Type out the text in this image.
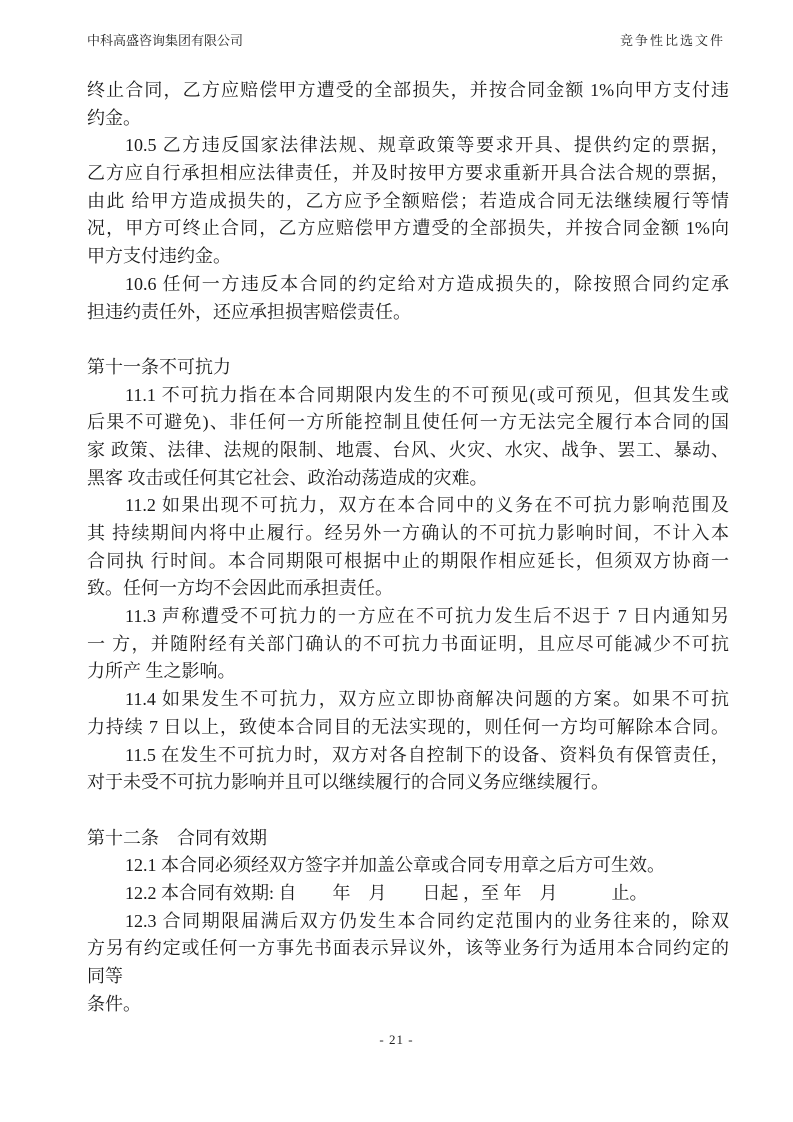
中科高盛咨询集团有限公司	竞争性比选文件
终止合同，乙方应赔偿甲方遭受的全部损失，并按合同金额 1%向甲方支付违
约金。
10.5 乙方违反国家法律法规、规章政策等要求开具、提供约定的票据，
乙方应自行承担相应法律责任，并及时按甲方要求重新开具合法合规的票据，
由此 给甲方造成损失的，乙方应予全额赔偿；若造成合同无法继续履行等情
况，甲方可终止合同，乙方应赔偿甲方遭受的全部损失，并按合同金额 1%向
甲方支付违约金。
10.6 任何一方违反本合同的约定给对方造成损失的，除按照合同约定承
担违约责任外，还应承担损害赔偿责任。
第十一条不可抗力
11.1 不可抗力指在本合同期限内发生的不可预见(或可预见，但其发生或
后果不可避免)、非任何一方所能控制且使任何一方无法完全履行本合同的国
家 政策、法律、法规的限制、地震、台风、火灾、水灾、战争、罢工、暴动、
黑客 攻击或任何其它社会、政治动荡造成的灾难。
11.2 如果出现不可抗力，双方在本合同中的义务在不可抗力影响范围及
其 持续期间内将中止履行。经另外一方确认的不可抗力影响时间，不计入本
合同执 行时间。本合同期限可根据中止的期限作相应延长，但须双方协商一
致。任何一方均不会因此而承担责任。
11.3 声称遭受不可抗力的一方应在不可抗力发生后不迟于 7 日内通知另
一 方，并随附经有关部门确认的不可抗力书面证明，且应尽可能减少不可抗
力所产 生之影响。
11.4 如果发生不可抗力，双方应立即协商解决问题的方案。如果不可抗
力持续 7 日以上，致使本合同目的无法实现的，则任何一方均可解除本合同。
11.5 在发生不可抗力时，双方对各自控制下的设备、资料负有保管责任，
对于未受不可抗力影响并且可以继续履行的合同义务应继续履行。
第十二条　合同有效期
12.1 本合同必须经双方签字并加盖公章或合同专用章之后方可生效。
12.2 本合同有效期: 自　　年　月　　日起 ，至 年　月　　　止。
12.3 合同期限届满后双方仍发生本合同约定范围内的业务往来的，除双
方另有约定或任何一方事先书面表示异议外，该等业务行为适用本合同约定的
同等
条件。
- 21 -
